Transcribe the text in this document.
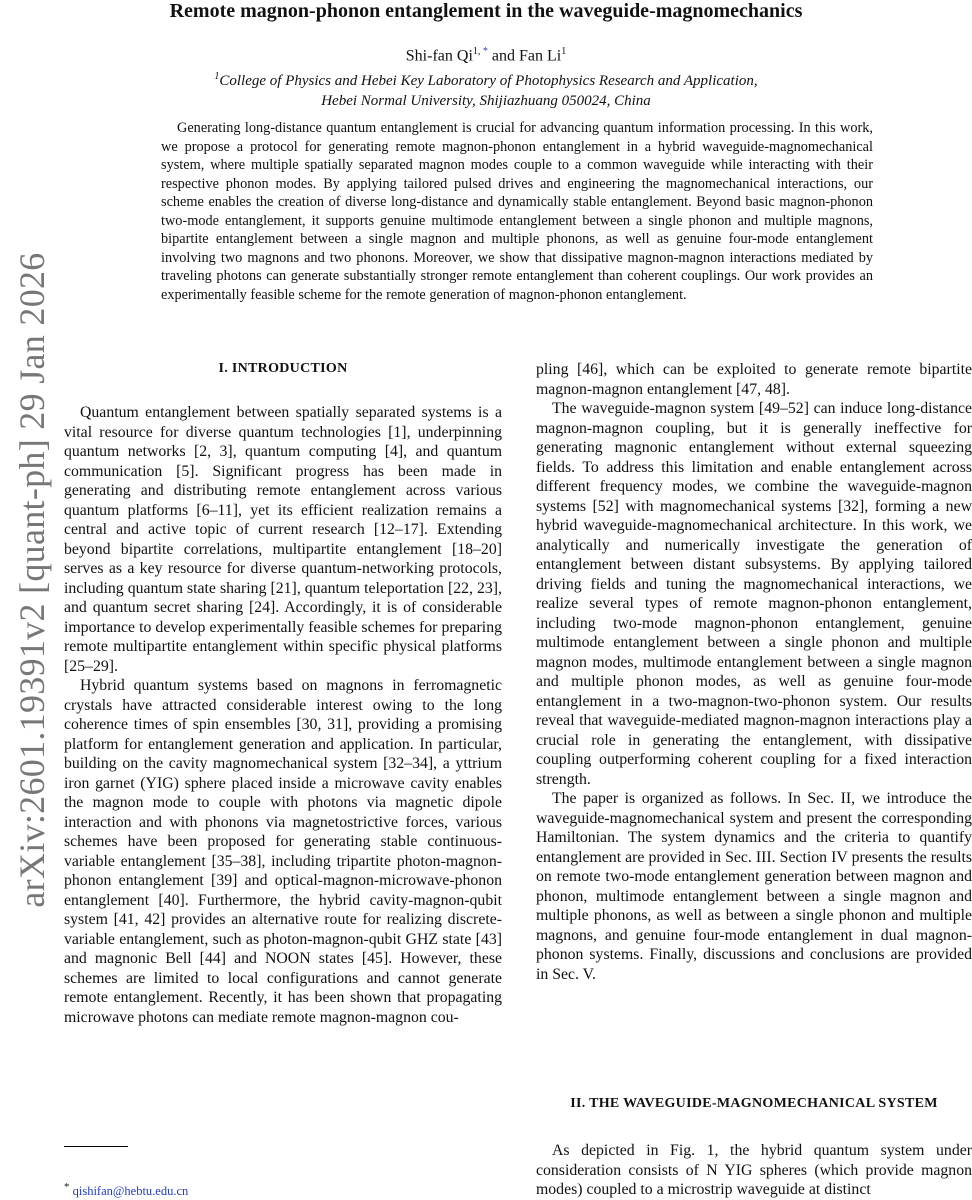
Remote magnon-phonon entanglement in the waveguide-magnomechanics
Shi-fan $Qi^{1,}$ * and Fan Li$^1$
$^1$College of Physics and Hebei Key Laboratory of Photophysics Research and Application,
Hebei Normal University, Shijiazhuang 050024, China

Generating long-distance quantum entanglement is crucial for advancing quantum information processing. In this work, we propose a protocol for generating remote magnon-phonon entanglement in a hybrid waveguide-magnomechanical system, where multiple spatially separated magnon modes couple to a common waveguide while interacting with their respective phonon modes. By applying tailored pulsed drives and engineering the magnomechanical interactions, our scheme enables the creation of diverse long-distance and dynamically stable entanglement. Beyond basic magnon-phonon two-mode entanglement, it supports genuine multimode entanglement between a single phonon and multiple magnons, bipartite entanglement between a single magnon and multiple phonons, as well as genuine four-mode entanglement involving two magnons and two phonons. Moreover, we show that dissipative magnon-magnon interactions mediated by traveling photons can generate substantially stronger remote entanglement than coherent couplings. Our work provides an experimentally feasible scheme for the remote generation of magnon-phonon entanglement.

arXiv:2601.19391v2 [quant-ph] 29 Jan 2026	I. INTRODUCTION

Quantum entanglement between spatially separated systems is a vital resource for diverse quantum technologies [1], underpinning quantum networks [2, 3], quantum computing [4], and quantum communication [5]. Significant progress has been made in generating and distributing remote entanglement across various quantum platforms [6–11], yet its efficient realization remains a central and active topic of current research [12–17]. Extending beyond bipartite correlations, multipartite entanglement [18–20] serves as a key resource for diverse quantum-networking protocols, including quantum state sharing [21], quantum teleportation [22, 23], and quantum secret sharing [24]. Accordingly, it is of considerable importance to develop experimentally feasible schemes for preparing remote multipartite entanglement within specific physical platforms [25–29].

Hybrid quantum systems based on magnons in ferromagnetic crystals have attracted considerable interest owing to the long coherence times of spin ensembles [30, 31], providing a promising platform for entanglement generation and application. In particular, building on the cavity magnomechanical system [32–34], a yttrium iron garnet (YIG) sphere placed inside a microwave cavity enables the magnon mode to couple with photons via magnetic dipole interaction and with phonons via magnetostrictive forces, various schemes have been proposed for generating stable continuous-variable entanglement [35–38], including tripartite photon-magnon-phonon entanglement [39] and optical-magnon-microwave-phonon entanglement [40]. Furthermore, the hybrid cavity-magnon-qubit system [41, 42] provides an alternative route for realizing discrete-variable entanglement, such as photon-magnon-qubit GHZ state [43] and magnonic Bell [44] and NOON states [45]. However, these schemes are limited to local configurations and cannot generate remote entanglement. Recently, it has been shown that propagating microwave photons can mediate remote magnon-magnon cou-

pling [46], which can be exploited to generate remote bipartite magnon-magnon entanglement [47, 48].

The waveguide-magnon system [49–52] can induce long-distance magnon-magnon coupling, but it is generally ineffective for generating magnonic entanglement without external squeezing fields. To address this limitation and enable entanglement across different frequency modes, we combine the waveguide-magnon systems [52] with magnomechanical systems [32], forming a new hybrid waveguide-magnomechanical architecture. In this work, we analytically and numerically investigate the generation of entanglement between distant subsystems. By applying tailored driving fields and tuning the magnomechanical interactions, we realize several types of remote magnon-phonon entanglement, including two-mode magnon-phonon entanglement, genuine multimode entanglement between a single phonon and multiple magnon modes, multimode entanglement between a single magnon and multiple phonon modes, as well as genuine four-mode entanglement in a two-magnon-two-phonon system. Our results reveal that waveguide-mediated magnon-magnon interactions play a crucial role in generating the entanglement, with dissipative coupling outperforming coherent coupling for a fixed interaction strength.

The paper is organized as follows. In Sec. II, we introduce the waveguide-magnomechanical system and present the corresponding Hamiltonian. The system dynamics and the criteria to quantify entanglement are provided in Sec. III. Section IV presents the results on remote two-mode entanglement generation between magnon and phonon, multimode entanglement between a single magnon and multiple phonons, as well as between a single phonon and multiple magnons, and genuine four-mode entanglement in dual magnon-phonon systems. Finally, discussions and conclusions are provided in Sec. V.

II. THE WAVEGUIDE-MAGNOMECHANICAL SYSTEM

As depicted in Fig. 1, the hybrid quantum system under consideration consists of N YIG spheres (which provide magnon modes) coupled to a microstrip waveguide at distinct

* qishifan@hebtu.edu.cn
